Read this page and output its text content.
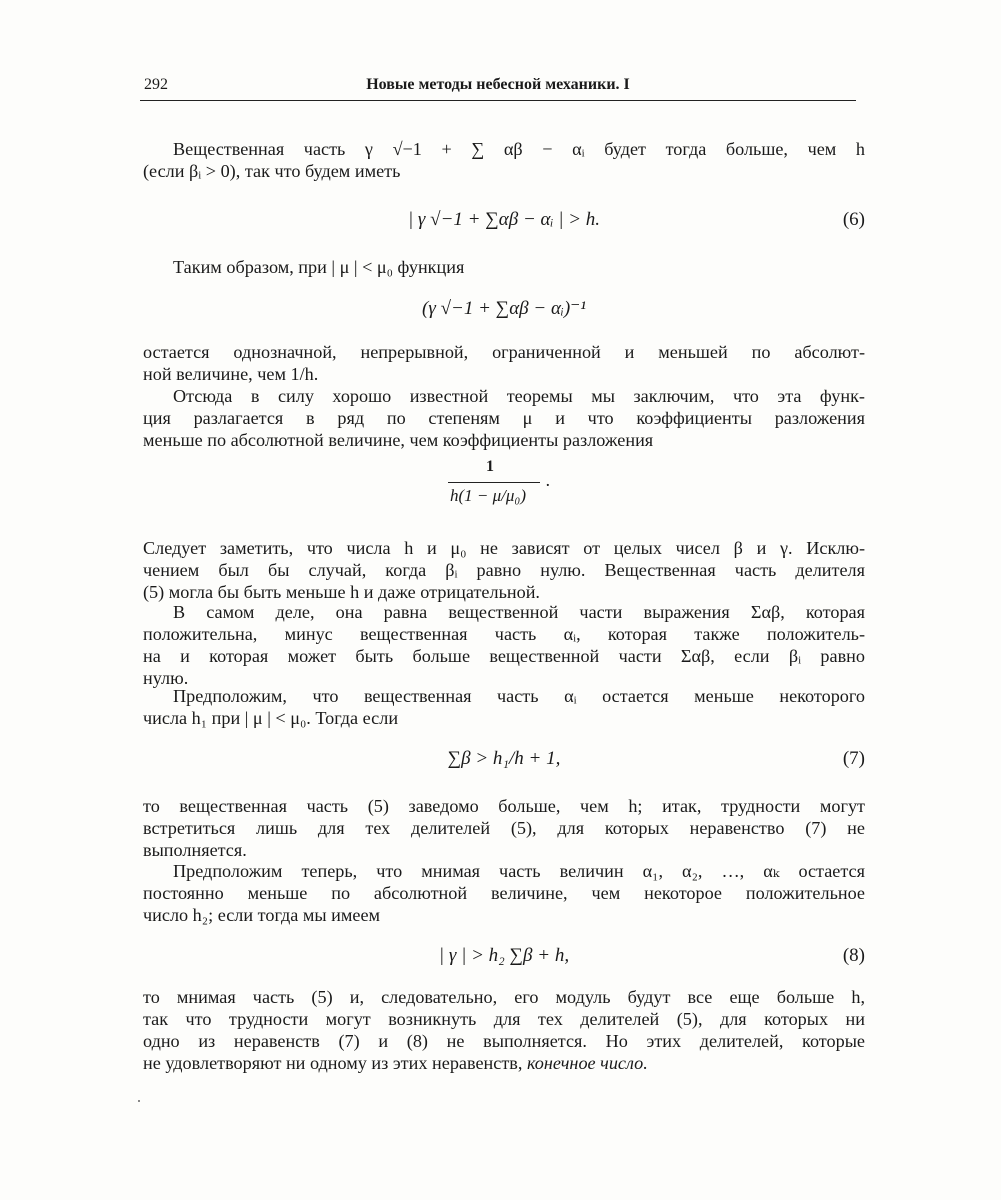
292	Новые методы небесной механики. I
Вещественная часть γ √−1 + ∑ αβ − αᵢ будет тогда больше, чем h
(если βᵢ > 0), так что будем иметь
| γ √−1 + ∑αβ − αᵢ | > h.	(6)
Таким образом, при | μ | < μ₀ функция
(γ √−1 + ∑αβ − αᵢ)⁻¹
остается однозначной, непрерывной, ограниченной и меньшей по абсолют-
ной величине, чем 1/h.
Отсюда в силу хорошо известной теоремы мы заключим, что эта функ-
ция разлагается в ряд по степеням μ и что коэффициенты разложения
меньше по абсолютной величине, чем коэффициенты разложения
1
h(1 − μ/μ₀)
.
Следует заметить, что числа h и μ₀ не зависят от целых чисел β и γ. Исклю-
чением был бы случай, когда βᵢ равно нулю. Вещественная часть делителя
(5) могла бы быть меньше h и даже отрицательной.
В самом деле, она равна вещественной части выражения Σαβ, которая
положительна, минус вещественная часть αᵢ, которая также положитель-
на и которая может быть больше вещественной части Σαβ, если βᵢ равно
нулю.
Предположим, что вещественная часть αᵢ остается меньше некоторого
числа h₁ при | μ | < μ₀. Тогда если
∑β > h₁/h + 1,	(7)
то вещественная часть (5) заведомо больше, чем h; итак, трудности могут
встретиться лишь для тех делителей (5), для которых неравенство (7) не
выполняется.
Предположим теперь, что мнимая часть величин α₁, α₂, …, αₖ остается
постоянно меньше по абсолютной величине, чем некоторое положительное
число h₂; если тогда мы имеем
| γ | > h₂ ∑β + h,	(8)
то мнимая часть (5) и, следовательно, его модуль будут все еще больше h,
так что трудности могут возникнуть для тех делителей (5), для которых ни
одно из неравенств (7) и (8) не выполняется. Но этих делителей, которые
не удовлетворяют ни одному из этих неравенств, конечное число.
